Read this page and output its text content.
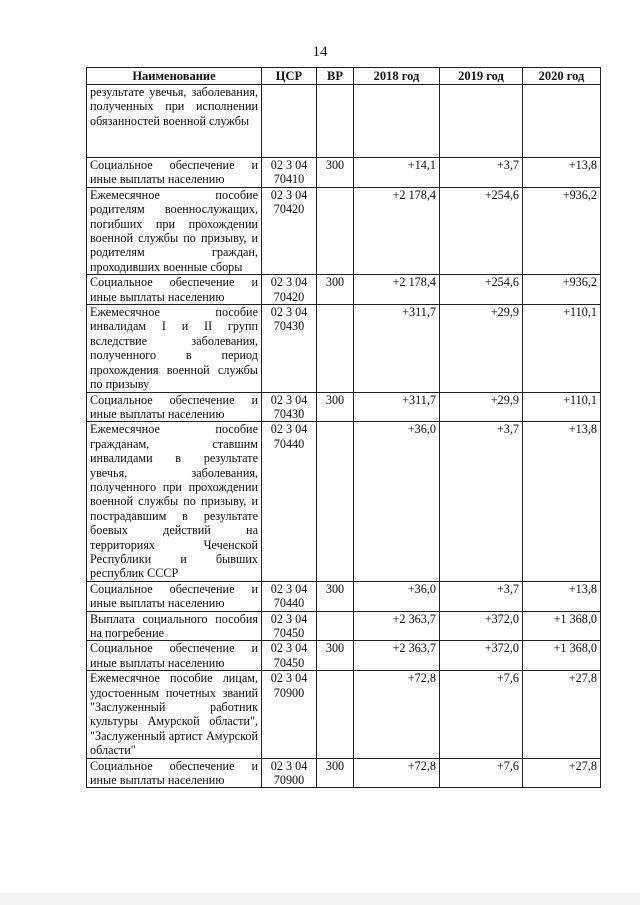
14
Наименование	ЦСР	ВР	2018 год	2019 год	2020 год
результате увечья, заболевания, полученных при исполнении обязанностей военной службы					
Социальное обеспечение и иные выплаты населению	02 3 04 70410	300	+14,1	+3,7	+13,8
Ежемесячное пособие родителям военнослужащих, погибших при прохождении военной службы по призыву, и родителям граждан, проходивших военные сборы	02 3 04 70420		+2 178,4	+254,6	+936,2
Социальное обеспечение и иные выплаты населению	02 3 04 70420	300	+2 178,4	+254,6	+936,2
Ежемесячное пособие инвалидам I и II групп вследствие заболевания, полученного в период прохождения военной службы по призыву	02 3 04 70430		+311,7	+29,9	+110,1
Социальное обеспечение и иные выплаты населению	02 3 04 70430	300	+311,7	+29,9	+110,1
Ежемесячное пособие гражданам, ставшим инвалидами в результате увечья, заболевания, полученного при прохождении военной службы по призыву, и пострадавшим в результате боевых действий на территориях Чеченской Республики и бывших республик СССР	02 3 04 70440		+36,0	+3,7	+13,8
Социальное обеспечение и иные выплаты населению	02 3 04 70440	300	+36,0	+3,7	+13,8
Выплата социального пособия на погребение	02 3 04 70450		+2 363,7	+372,0	+1 368,0
Социальное обеспечение и иные выплаты населению	02 3 04 70450	300	+2 363,7	+372,0	+1 368,0
Ежемесячное пособие лицам, удостоенным почетных званий "Заслуженный работник культуры Амурской области", "Заслуженный артист Амурской области"	02 3 04 70900		+72,8	+7,6	+27,8
Социальное обеспечение и иные выплаты населению	02 3 04 70900	300	+72,8	+7,6	+27,8
